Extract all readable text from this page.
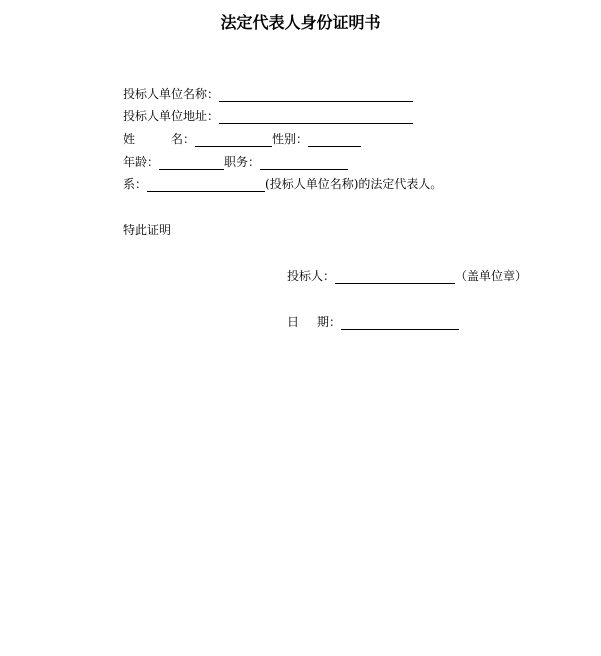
法定代表人身份证明书
投标人单位名称：
投标人单位地址：
姓	名：	性别：
年龄：	职务：
系：	(投标人单位名称)的法定代表人。
特此证明
投标人：	（盖单位章）
日 期：
